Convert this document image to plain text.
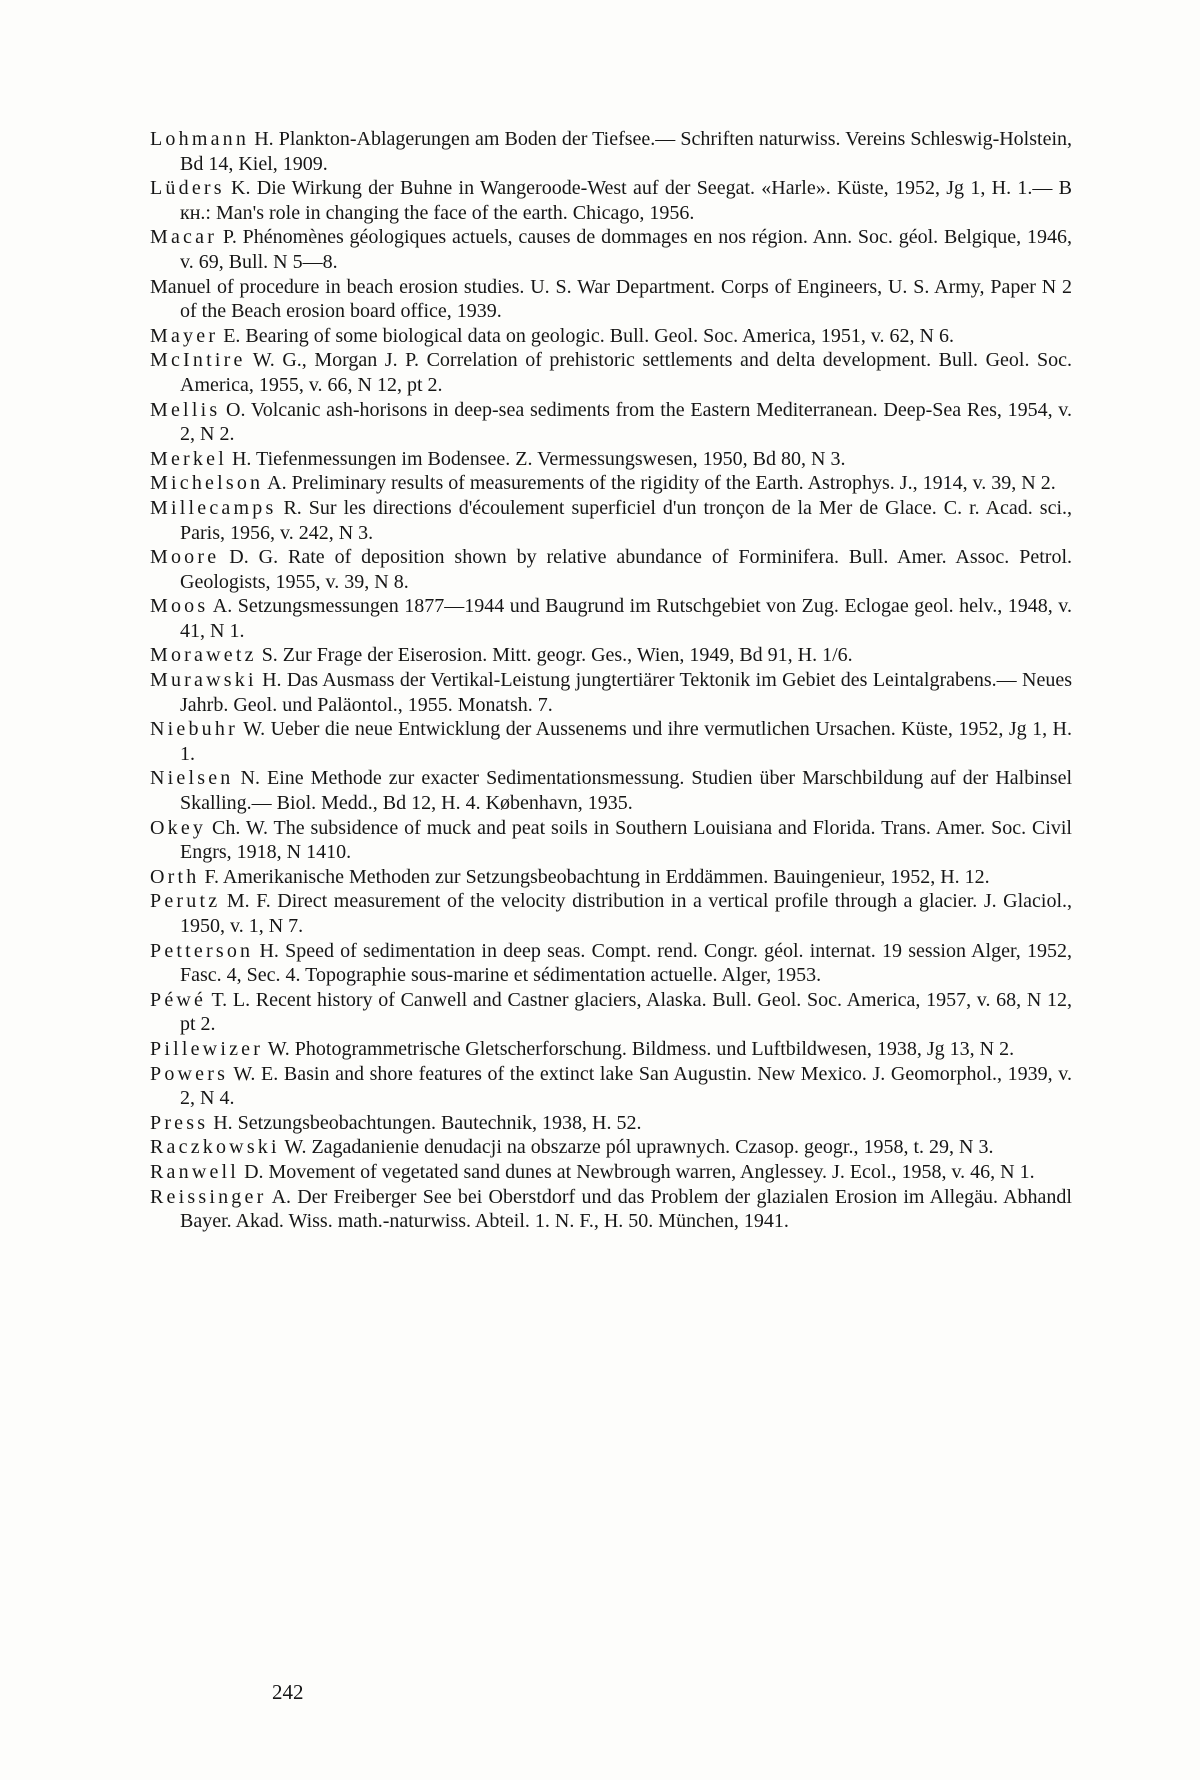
Lohmann H. Plankton-Ablagerungen am Boden der Tiefsee.— Schriften naturwiss. Vereins Schleswig-Holstein, Bd 14, Kiel, 1909.

Lüders K. Die Wirkung der Buhne in Wangeroode-West auf der Seegat. «Harle». Küste, 1952, Jg 1, H. 1.— B кн.: Man's role in changing the face of the earth. Chicago, 1956.

Macar P. Phénomènes géologiques actuels, causes de dommages en nos région. Ann. Soc. géol. Belgique, 1946, v. 69, Bull. N 5—8.

Manuel of procedure in beach erosion studies. U. S. War Department. Corps of Engineers, U. S. Army, Paper N 2 of the Beach erosion board office, 1939.

Mayer E. Bearing of some biological data on geologic. Bull. Geol. Soc. America, 1951, v. 62, N 6.

McIntire W. G., Morgan J. P. Correlation of prehistoric settlements and delta development. Bull. Geol. Soc. America, 1955, v. 66, N 12, pt 2.

Mellis O. Volcanic ash-horisons in deep-sea sediments from the Eastern Mediterranean. Deep-Sea Res, 1954, v. 2, N 2.

Merkel H. Tiefenmessungen im Bodensee. Z. Vermessungswesen, 1950, Bd 80, N 3.

Michelson A. Preliminary results of measurements of the rigidity of the Earth. Astrophys. J., 1914, v. 39, N 2.

Millecamps R. Sur les directions d'écoulement superficiel d'un tronçon de la Mer de Glace. C. r. Acad. sci., Paris, 1956, v. 242, N 3.

Moore D. G. Rate of deposition shown by relative abundance of Forminifera. Bull. Amer. Assoc. Petrol. Geologists, 1955, v. 39, N 8.

Moos A. Setzungsmessungen 1877—1944 und Baugrund im Rutschgebiet von Zug. Eclogae geol. helv., 1948, v. 41, N 1.

Morawetz S. Zur Frage der Eiserosion. Mitt. geogr. Ges., Wien, 1949, Bd 91, H. 1/6.

Murawski H. Das Ausmass der Vertikal-Leistung jungtertiärer Tektonik im Gebiet des Leintalgrabens.— Neues Jahrb. Geol. und Paläontol., 1955. Monatsh. 7.

Niebuhr W. Ueber die neue Entwicklung der Aussenems und ihre vermutlichen Ursachen. Küste, 1952, Jg 1, H. 1.

Nielsen N. Eine Methode zur exacter Sedimentationsmessung. Studien über Marschbildung auf der Halbinsel Skalling.— Biol. Medd., Bd 12, H. 4. København, 1935.

Okey Ch. W. The subsidence of muck and peat soils in Southern Louisiana and Florida. Trans. Amer. Soc. Civil Engrs, 1918, N 1410.

Orth F. Amerikanische Methoden zur Setzungsbeobachtung in Erddämmen. Bauingenieur, 1952, H. 12.

Perutz M. F. Direct measurement of the velocity distribution in a vertical profile through a glacier. J. Glaciol., 1950, v. 1, N 7.

Petterson H. Speed of sedimentation in deep seas. Compt. rend. Congr. géol. internat. 19 session Alger, 1952, Fasc. 4, Sec. 4. Topographie sous-marine et sédimentation actuelle. Alger, 1953.

Péwé T. L. Recent history of Canwell and Castner glaciers, Alaska. Bull. Geol. Soc. America, 1957, v. 68, N 12, pt 2.

Pillewizer W. Photogrammetrische Gletscherforschung. Bildmess. und Luftbildwesen, 1938, Jg 13, N 2.

Powers W. E. Basin and shore features of the extinct lake San Augustin. New Mexico. J. Geomorphol., 1939, v. 2, N 4.

Press H. Setzungsbeobachtungen. Bautechnik, 1938, H. 52.

Raczkowski W. Zagadanienie denudacji na obszarze pól uprawnych. Czasop. geogr., 1958, t. 29, N 3.

Ranwell D. Movement of vegetated sand dunes at Newbrough warren, Anglessey. J. Ecol., 1958, v. 46, N 1.

Reissinger A. Der Freiberger See bei Oberstdorf und das Problem der glazialen Erosion im Allegäu. Abhandl Bayer. Akad. Wiss. math.-naturwiss. Abteil. 1. N. F., H. 50. München, 1941.

242
